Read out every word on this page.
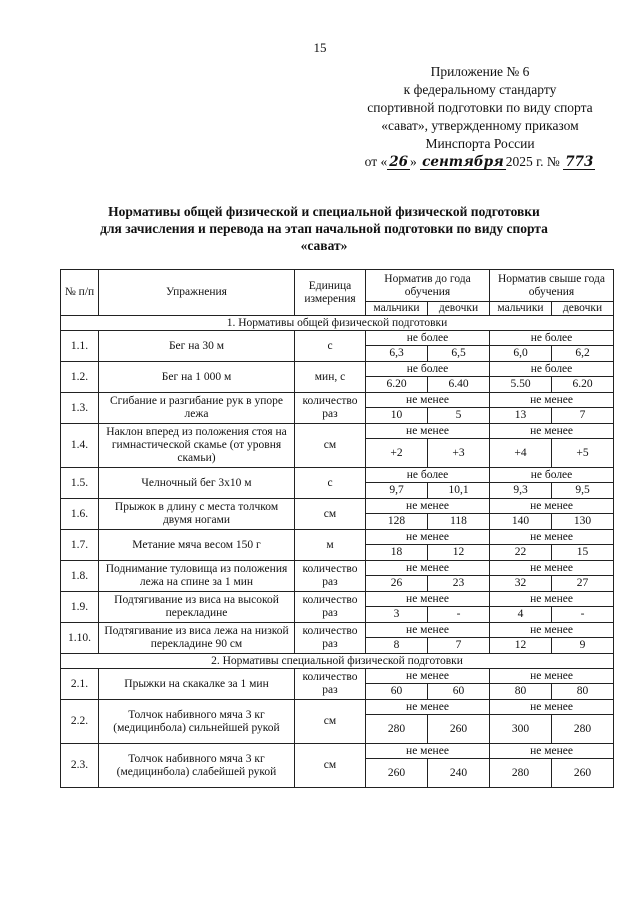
15
Приложение № 6
к федеральному стандарту
спортивной подготовки по виду спорта
«сават», утвержденному приказом
Минспорта России
от « 26 » сентября 2025 г. № 773
Нормативы общей физической и специальной физической подготовки
для зачисления и перевода на этап начальной подготовки по виду спорта
«сават»
№ п/п	Упражнения	Единица измерения	Норматив до года обучения		Норматив свыше года обучения	
			мальчики	девочки	мальчики	девочки
1. Нормативы общей физической подготовки						
1.1.	Бег на 30 м	с	не более		не более	
			6,3	6,5	6,0	6,2
1.2.	Бег на 1 000 м	мин, с	не более		не более	
			6.20	6.40	5.50	6.20
1.3.	Сгибание и разгибание рук в упоре лежа	количество раз	не менее		не менее	
			10	5	13	7
1.4.	Наклон вперед из положения стоя на гимнастической скамье (от уровня скамьи)	см	не менее		не менее	
			+2	+3	+4	+5
1.5.	Челночный бег 3х10 м	с	не более		не более	
			9,7	10,1	9,3	9,5
1.6.	Прыжок в длину с места толчком двумя ногами	см	не менее		не менее	
			128	118	140	130
1.7.	Метание мяча весом 150 г	м	не менее		не менее	
			18	12	22	15
1.8.	Поднимание туловища из положения лежа на спине за 1 мин	количество раз	не менее		не менее	
			26	23	32	27
1.9.	Подтягивание из виса на высокой перекладине	количество раз	не менее		не менее	
			3	-	4	-
1.10.	Подтягивание из виса лежа на низкой перекладине 90 см	количество раз	не менее		не менее	
			8	7	12	9
2. Нормативы специальной физической подготовки						
2.1.	Прыжки на скакалке за 1 мин	количество раз	не менее		не менее	
			60	60	80	80
2.2.	Толчок набивного мяча 3 кг (медицинбола) сильнейшей рукой	см	не менее		не менее	
			280	260	300	280
2.3.	Толчок набивного мяча 3 кг (медицинбола) слабейшей рукой	см	не менее		не менее	
			260	240	280	260
